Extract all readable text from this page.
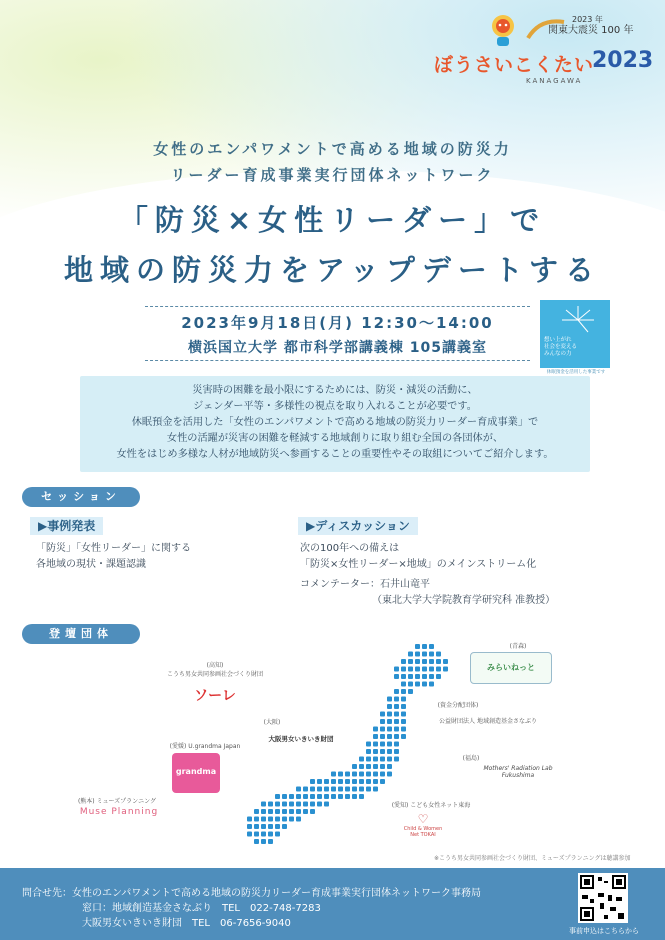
2023 年
関東大震災 100 年
ぼうさいこくたい
2023
KANAGAWA
女性のエンパワメントで高める地域の防災力
リーダー育成事業実行団体ネットワーク
「防災×女性リーダー」で
地域の防災力をアップデートする
2023年9月18日(月) 12:30～14:00
横浜国立大学 都市科学部講義棟 105講義室	想い上がれ
社会を変える
みんなの力
休眠預金を活用した事業です
災害時の困難を最小限にするためには、防災・減災の活動に、
ジェンダー平等・多様性の視点を取り入れることが必要です。
休眠預金を活用した「女性のエンパワメントで高める地域の防災力リーダー育成事業」で
女性の活躍が災害の困難を軽減する地域創りに取り組む全国の各団体が、
女性をはじめ多様な人材が地域防災へ参画することの重要性やその取組についてご紹介します。
セッション
▶事例発表
「防災」「女性リーダー」に関する
各地域の現状・課題認識
▶ディスカッション
次の100年への備えは
「防災×女性リーダー×地域」のメインストリーム化
コメンテーター：石井山竜平
（東北大学大学院教育学研究科 准教授）
登壇団体
(青森)
みらいねっと
(資金分配団体)
公益財団法人 地域創造基金さなぶり
(福島)
Mothers' Radiation Lab Fukushima
(愛知) こども女性ネット東海
♡
Child & Women Net TOKAI
(高知)
こうち男女共同参画社会づくり財団
ソーレ
(大阪)
大阪男女いきいき財団
(愛媛) U.grandma Japan
grandma
(熊本) ミューズプランニング
Muse Planning
※こうち男女共同参画社会づくり財団、ミューズプランニングは聴講参加
問合せ先：女性のエンパワメントで高める地域の防災力リーダー育成事業実行団体ネットワーク事務局
窓口：地域創造基金さなぶり　TEL　022-748-7283
大阪男女いきいき財団　TEL　06-7656-9040
事前申込はこちらから
